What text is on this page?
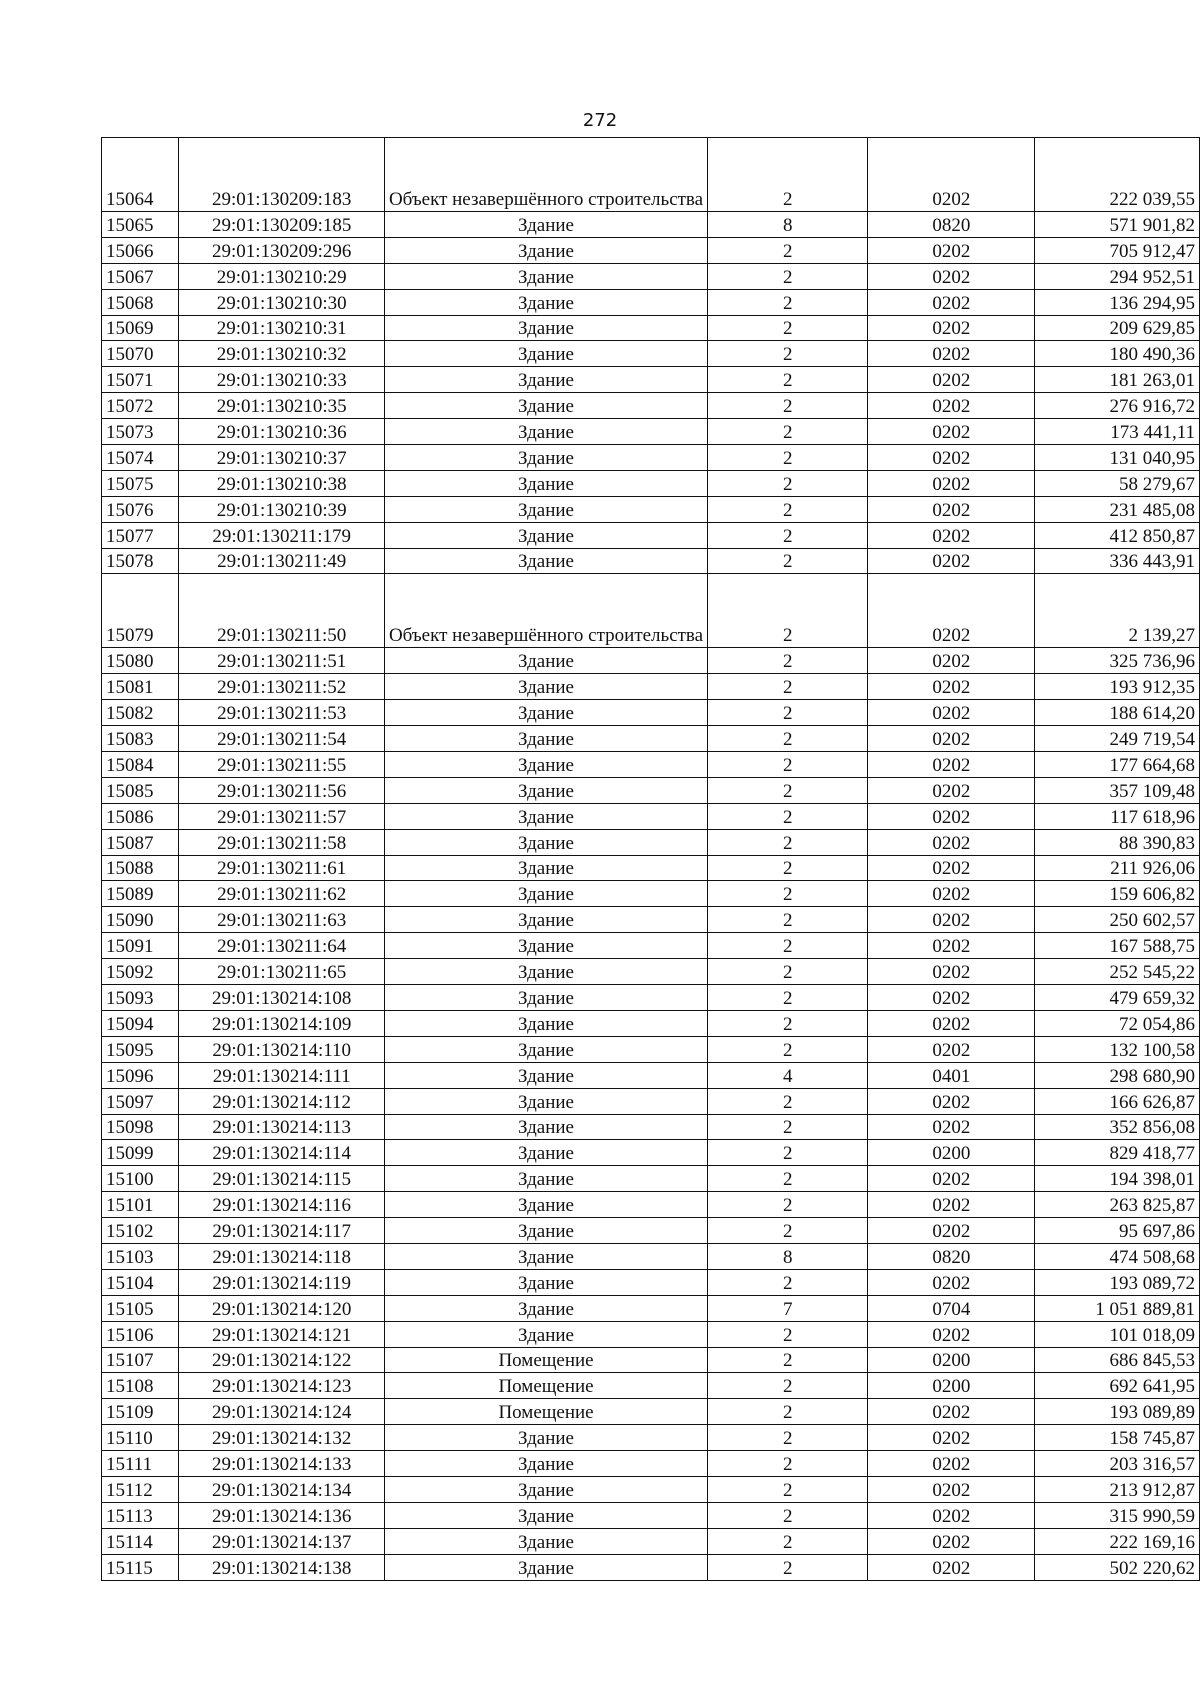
272
15064	29:01:130209:183	Объект незавершённого строительства	2	0202	222 039,55
15065	29:01:130209:185	Здание	8	0820	571 901,82
15066	29:01:130209:296	Здание	2	0202	705 912,47
15067	29:01:130210:29	Здание	2	0202	294 952,51
15068	29:01:130210:30	Здание	2	0202	136 294,95
15069	29:01:130210:31	Здание	2	0202	209 629,85
15070	29:01:130210:32	Здание	2	0202	180 490,36
15071	29:01:130210:33	Здание	2	0202	181 263,01
15072	29:01:130210:35	Здание	2	0202	276 916,72
15073	29:01:130210:36	Здание	2	0202	173 441,11
15074	29:01:130210:37	Здание	2	0202	131 040,95
15075	29:01:130210:38	Здание	2	0202	58 279,67
15076	29:01:130210:39	Здание	2	0202	231 485,08
15077	29:01:130211:179	Здание	2	0202	412 850,87
15078	29:01:130211:49	Здание	2	0202	336 443,91
15079	29:01:130211:50	Объект незавершённого строительства	2	0202	2 139,27
15080	29:01:130211:51	Здание	2	0202	325 736,96
15081	29:01:130211:52	Здание	2	0202	193 912,35
15082	29:01:130211:53	Здание	2	0202	188 614,20
15083	29:01:130211:54	Здание	2	0202	249 719,54
15084	29:01:130211:55	Здание	2	0202	177 664,68
15085	29:01:130211:56	Здание	2	0202	357 109,48
15086	29:01:130211:57	Здание	2	0202	117 618,96
15087	29:01:130211:58	Здание	2	0202	88 390,83
15088	29:01:130211:61	Здание	2	0202	211 926,06
15089	29:01:130211:62	Здание	2	0202	159 606,82
15090	29:01:130211:63	Здание	2	0202	250 602,57
15091	29:01:130211:64	Здание	2	0202	167 588,75
15092	29:01:130211:65	Здание	2	0202	252 545,22
15093	29:01:130214:108	Здание	2	0202	479 659,32
15094	29:01:130214:109	Здание	2	0202	72 054,86
15095	29:01:130214:110	Здание	2	0202	132 100,58
15096	29:01:130214:111	Здание	4	0401	298 680,90
15097	29:01:130214:112	Здание	2	0202	166 626,87
15098	29:01:130214:113	Здание	2	0202	352 856,08
15099	29:01:130214:114	Здание	2	0200	829 418,77
15100	29:01:130214:115	Здание	2	0202	194 398,01
15101	29:01:130214:116	Здание	2	0202	263 825,87
15102	29:01:130214:117	Здание	2	0202	95 697,86
15103	29:01:130214:118	Здание	8	0820	474 508,68
15104	29:01:130214:119	Здание	2	0202	193 089,72
15105	29:01:130214:120	Здание	7	0704	1 051 889,81
15106	29:01:130214:121	Здание	2	0202	101 018,09
15107	29:01:130214:122	Помещение	2	0200	686 845,53
15108	29:01:130214:123	Помещение	2	0200	692 641,95
15109	29:01:130214:124	Помещение	2	0202	193 089,89
15110	29:01:130214:132	Здание	2	0202	158 745,87
15111	29:01:130214:133	Здание	2	0202	203 316,57
15112	29:01:130214:134	Здание	2	0202	213 912,87
15113	29:01:130214:136	Здание	2	0202	315 990,59
15114	29:01:130214:137	Здание	2	0202	222 169,16
15115	29:01:130214:138	Здание	2	0202	502 220,62
